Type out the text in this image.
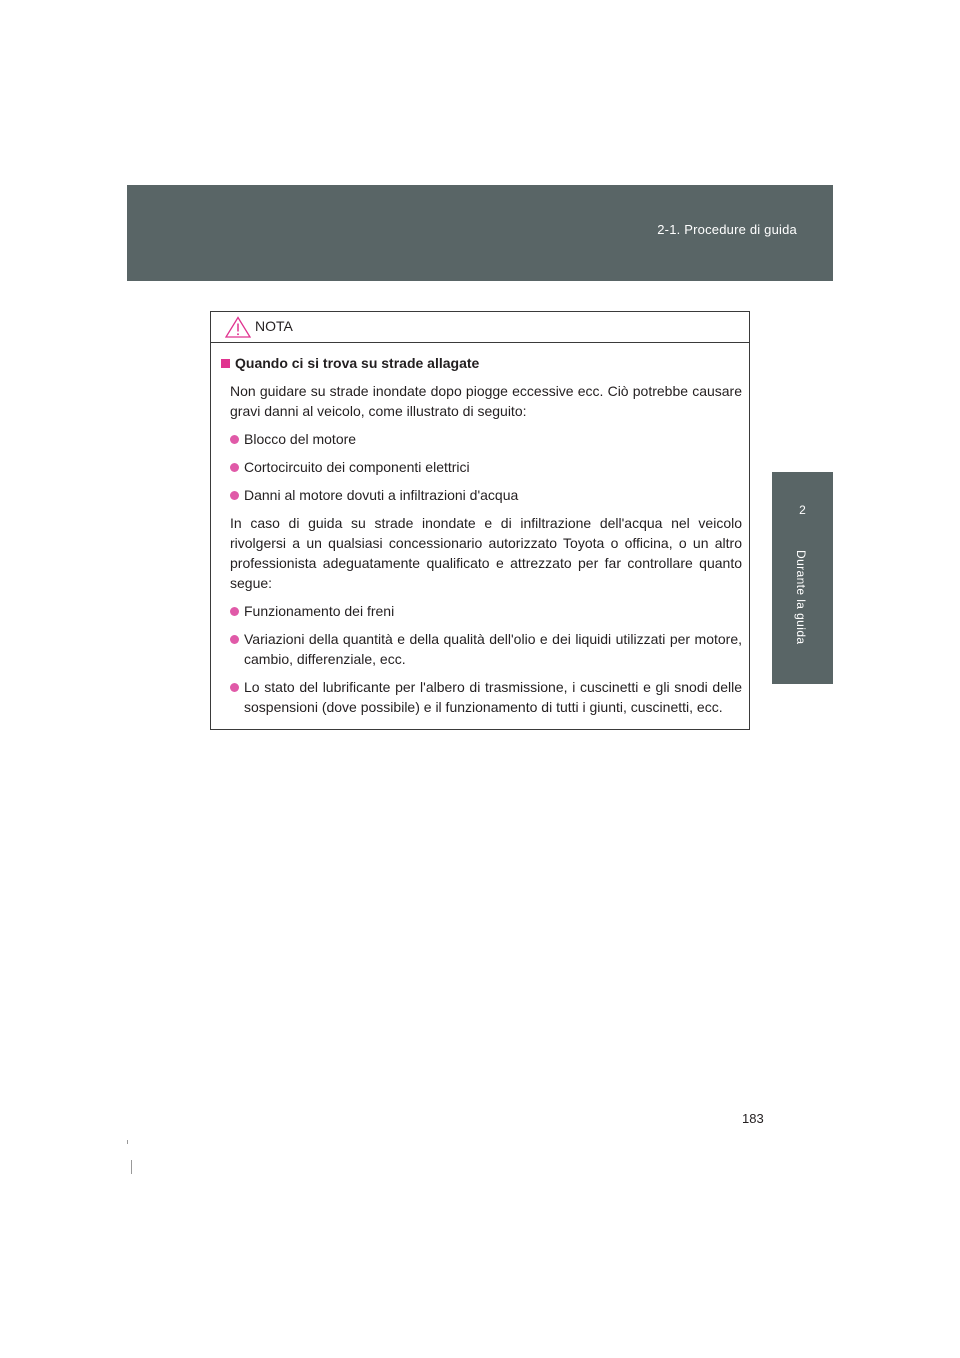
2-1. Procedure di guida
2
Durante la guida
NOTA
Quando ci si trova su strade allagate

Non guidare su strade inondate dopo piogge eccessive ecc. Ciò potrebbe causare gravi danni al veicolo, come illustrato di seguito:

Blocco del motore
Cortocircuito dei componenti elettrici
Danni al motore dovuti a infiltrazioni d'acqua

In caso di guida su strade inondate e di infiltrazione dell'acqua nel veicolo rivolgersi a un qualsiasi concessionario autorizzato Toyota o officina, o un altro professionista adeguatamente qualificato e attrezzato per far controllare quanto segue:

Funzionamento dei freni
Variazioni della quantità e della qualità dell'olio e dei liquidi utilizzati per motore, cambio, differenziale, ecc.
Lo stato del lubrificante per l'albero di trasmissione, i cuscinetti e gli snodi delle sospensioni (dove possibile) e il funzionamento di tutti i giunti, cuscinetti, ecc.
183
